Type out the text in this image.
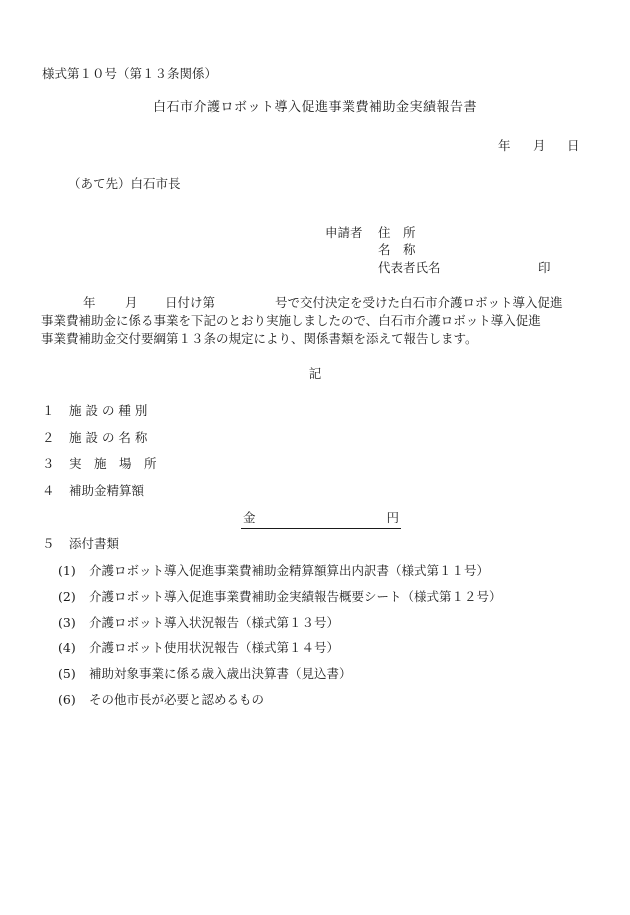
様式第１０号（第１３条関係）
白石市介護ロボット導入促進事業費補助金実績報告書
年 月 日
（あて先）白石市長
申請者 住　所
名　称
代表者氏名	印
年 月 日付け第	号で交付決定を受けた白石市介護ロボット導入促進
事業費補助金に係る事業を下記のとおり実施しましたので、白石市介護ロボット導入促進
事業費補助金交付要綱第１３条の規定により、関係書類を添えて報告します。
記
１ 施 設 の 種 別
２ 施 設 の 名 称
３ 実　施　場　所
４ 補助金精算額
金	円
５ 添付書類
(1) 介護ロボット導入促進事業費補助金精算額算出内訳書（様式第１１号）
(2) 介護ロボット導入促進事業費補助金実績報告概要シート（様式第１２号）
(3) 介護ロボット導入状況報告（様式第１３号）
(4) 介護ロボット使用状況報告（様式第１４号）
(5) 補助対象事業に係る歳入歳出決算書（見込書）
(6) その他市長が必要と認めるもの
